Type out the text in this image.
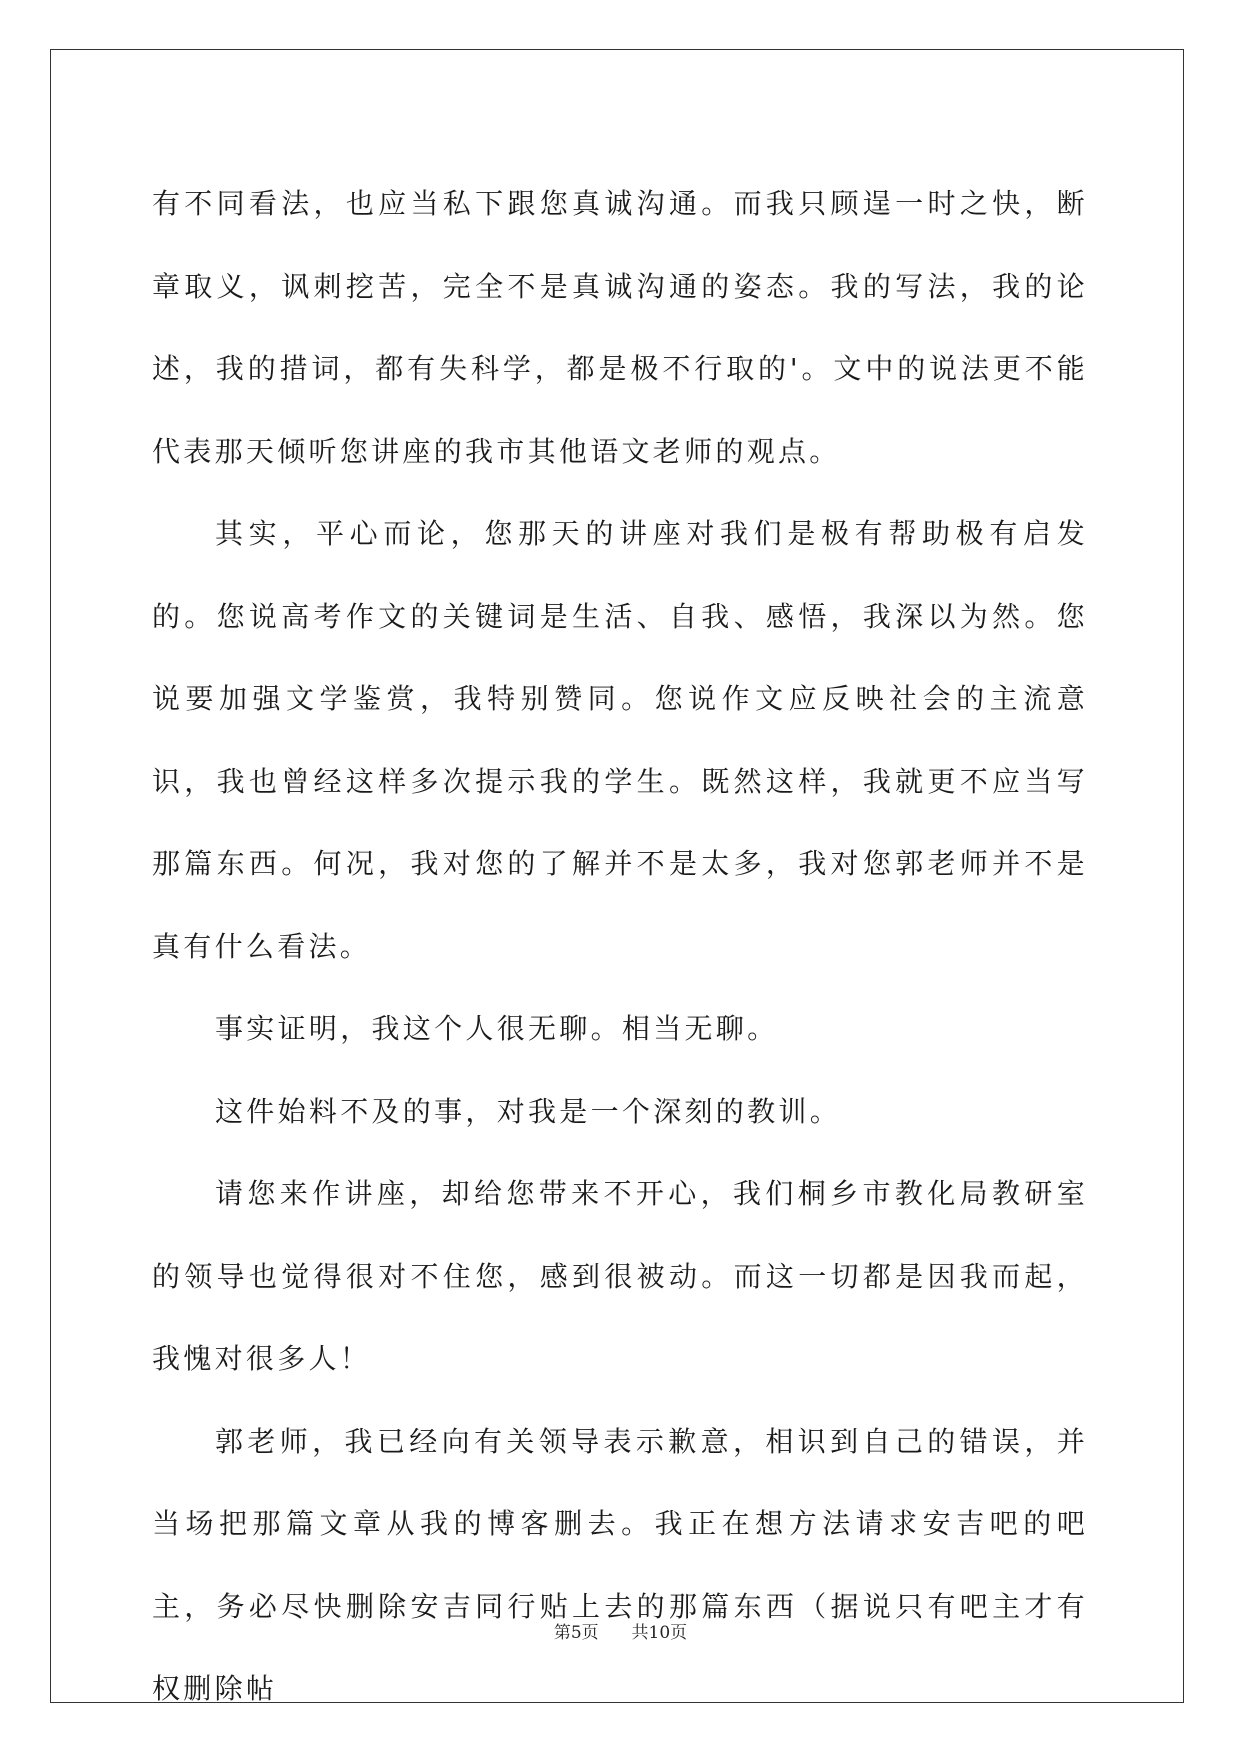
有不同看法，也应当私下跟您真诚沟通。而我只顾逞一时之快，断章取义，讽刺挖苦，完全不是真诚沟通的姿态。我的写法，我的论述，我的措词，都有失科学，都是极不行取的'。文中的说法更不能代表那天倾听您讲座的我市其他语文老师的观点。

其实，平心而论，您那天的讲座对我们是极有帮助极有启发的。您说高考作文的关键词是生活、自我、感悟，我深以为然。您说要加强文学鉴赏，我特别赞同。您说作文应反映社会的主流意识，我也曾经这样多次提示我的学生。既然这样，我就更不应当写那篇东西。何况，我对您的了解并不是太多，我对您郭老师并不是真有什么看法。

事实证明，我这个人很无聊。相当无聊。

这件始料不及的事，对我是一个深刻的教训。

请您来作讲座，却给您带来不开心，我们桐乡市教化局教研室的领导也觉得很对不住您，感到很被动。而这一切都是因我而起，我愧对很多人！

郭老师，我已经向有关领导表示歉意，相识到自己的错误，并当场把那篇文章从我的博客删去。我正在想方法请求安吉吧的吧主，务必尽快删除安吉同行贴上去的那篇东西（据说只有吧主才有权删除帖

第5页 共10页
